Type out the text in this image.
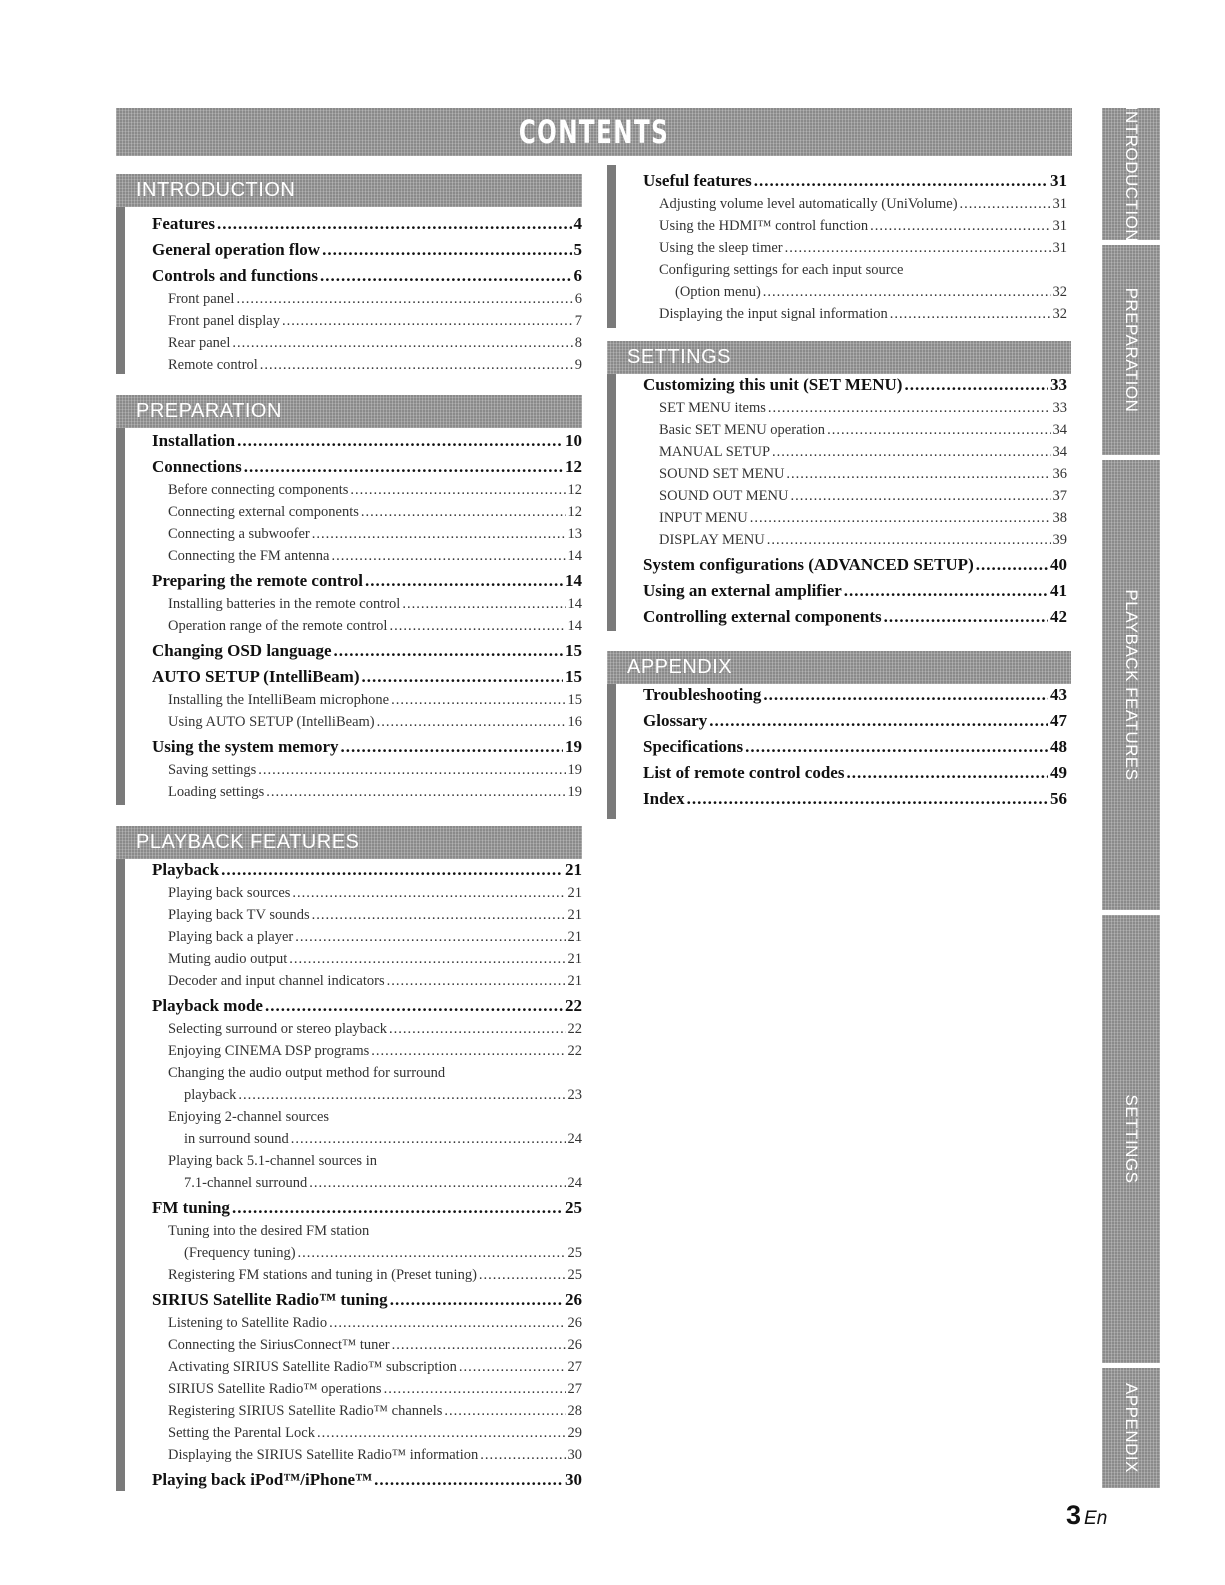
CONTENTS
INTRODUCTION
Features .....	4
General operation flow .....	5
Controls and functions .....	6
Front panel .....	6
Front panel display .....	7
Rear panel .....	8
Remote control .....	9
PREPARATION
Installation .....	10
Connections .....	12
Before connecting components .....	12
Connecting external components .....	12
Connecting a subwoofer .....	13
Connecting the FM antenna .....	14
Preparing the remote control .....	14
Installing batteries in the remote control .....	14
Operation range of the remote control .....	14
Changing OSD language .....	15
AUTO SETUP (IntelliBeam) .....	15
Installing the IntelliBeam microphone .....	15
Using AUTO SETUP (IntelliBeam) .....	16
Using the system memory .....	19
Saving settings .....	19
Loading settings .....	19
PLAYBACK FEATURES
Playback .....	21
Playing back sources .....	21
Playing back TV sounds .....	21
Playing back a player .....	21
Muting audio output .....	21
Decoder and input channel indicators .....	21
Playback mode .....	22
Selecting surround or stereo playback .....	22
Enjoying CINEMA DSP programs .....	22
Changing the audio output method for surround
playback .....	23
Enjoying 2-channel sources
in surround sound .....	24
Playing back 5.1-channel sources in
7.1-channel surround .....	24
FM tuning .....	25
Tuning into the desired FM station
(Frequency tuning) .....	25
Registering FM stations and tuning in (Preset tuning) .....	25
SIRIUS Satellite Radio™ tuning .....	26
Listening to Satellite Radio .....	26
Connecting the SiriusConnect™ tuner .....	26
Activating SIRIUS Satellite Radio™ subscription .....	27
SIRIUS Satellite Radio™ operations .....	27
Registering SIRIUS Satellite Radio™ channels .....	28
Setting the Parental Lock .....	29
Displaying the SIRIUS Satellite Radio™ information .....	30
Playing back iPod™/iPhone™ .....	30
Useful features .....	31
Adjusting volume level automatically (UniVolume) .....	31
Using the HDMI™ control function .....	31
Using the sleep timer .....	31
Configuring settings for each input source
(Option menu) .....	32
Displaying the input signal information .....	32
SETTINGS
Customizing this unit (SET MENU) .....	33
SET MENU items .....	33
Basic SET MENU operation .....	34
MANUAL SETUP .....	34
SOUND SET MENU .....	36
SOUND OUT MENU .....	37
INPUT MENU .....	38
DISPLAY MENU .....	39
System configurations (ADVANCED SETUP) .....	40
Using an external amplifier .....	41
Controlling external components .....	42
APPENDIX
Troubleshooting .....	43
Glossary .....	47
Specifications .....	48
List of remote control codes .....	49
Index .....	56
INTRODUCTION
PREPARATION
PLAYBACK FEATURES
SETTINGS
APPENDIX
3 En
